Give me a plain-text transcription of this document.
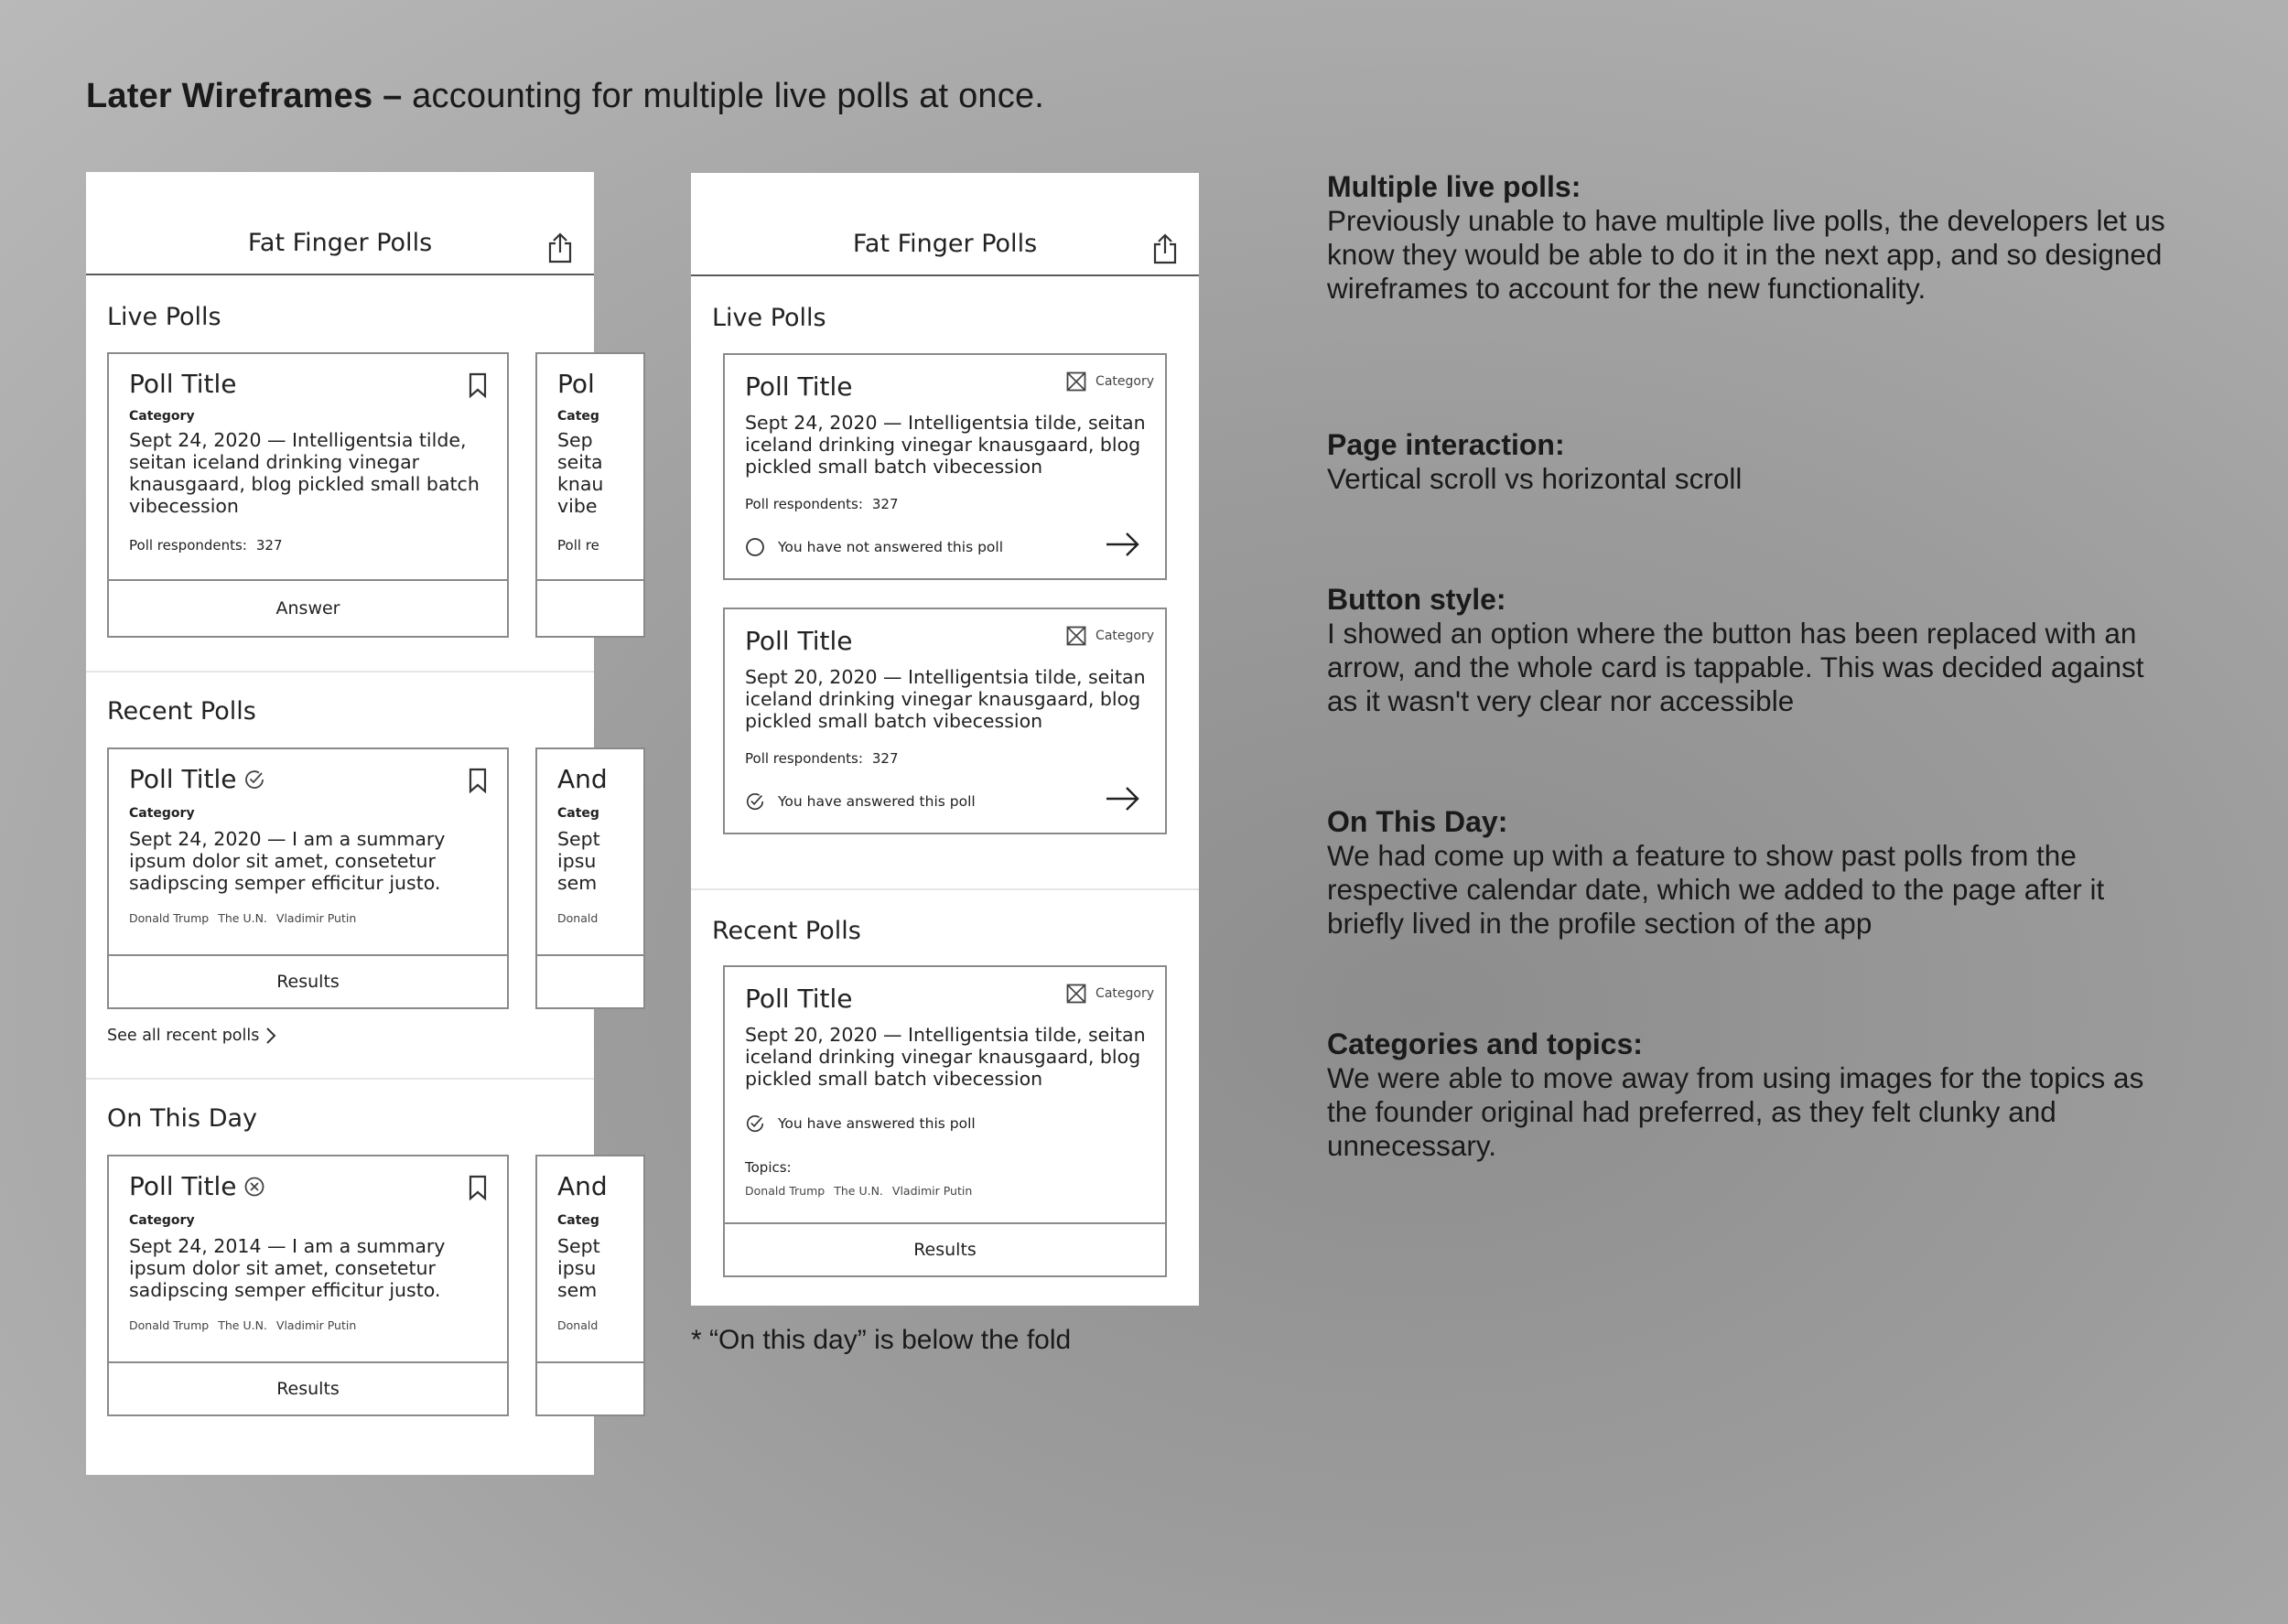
Later Wireframes – accounting for multiple live polls at once.
Fat Finger Polls
Live Polls
Poll Title
Category
Sept 24, 2020 — Intelligentsia tilde, seitan iceland drinking vinegar knausgaard, blog pickled small batch vibecession
Poll respondents: 327
Answer
Pol
Categ
Sep
seita
knau
vibe
Poll re
Recent Polls
Poll Title
Category
Sept 24, 2020 — I am a summary ipsum dolor sit amet, consetetur sadipscing semper efficitur justo.
Donald Trump The U.N. Vladimir Putin
Results
And
Categ
Sept
ipsu
sem
Donald
See all recent polls
On This Day
Poll Title
Category
Sept 24, 2014 — I am a summary ipsum dolor sit amet, consetetur sadipscing semper efficitur justo.
Donald Trump The U.N. Vladimir Putin
Results
And
Categ
Sept
ipsu
sem
Donald
Fat Finger Polls
Live Polls
Poll Title	Category
Sept 24, 2020 — Intelligentsia tilde, seitan iceland drinking vinegar knausgaard, blog pickled small batch vibecession
Poll respondents: 327
You have not answered this poll
Poll Title	Category
Sept 20, 2020 — Intelligentsia tilde, seitan iceland drinking vinegar knausgaard, blog pickled small batch vibecession
Poll respondents: 327
You have answered this poll
Recent Polls
Poll Title	Category
Sept 20, 2020 — Intelligentsia tilde, seitan iceland drinking vinegar knausgaard, blog pickled small batch vibecession
You have answered this poll
Topics:
Donald Trump The U.N. Vladimir Putin
Results
* “On this day” is below the fold
Multiple live polls:

Previously unable to have multiple live polls, the developers let us know they would be able to do it in the next app, and so designed wireframes to account for the new functionality.

Page interaction:

Vertical scroll vs horizontal scroll

Button style:

I showed an option where the button has been replaced with an arrow, and the whole card is tappable. This was decided against as it wasn't very clear nor accessible

On This Day:

We had come up with a feature to show past polls from the respective calendar date, which we added to the page after it briefly lived in the profile section of the app

Categories and topics:

We were able to move away from using images for the topics as the founder original had preferred, as they felt clunky and unnecessary.
